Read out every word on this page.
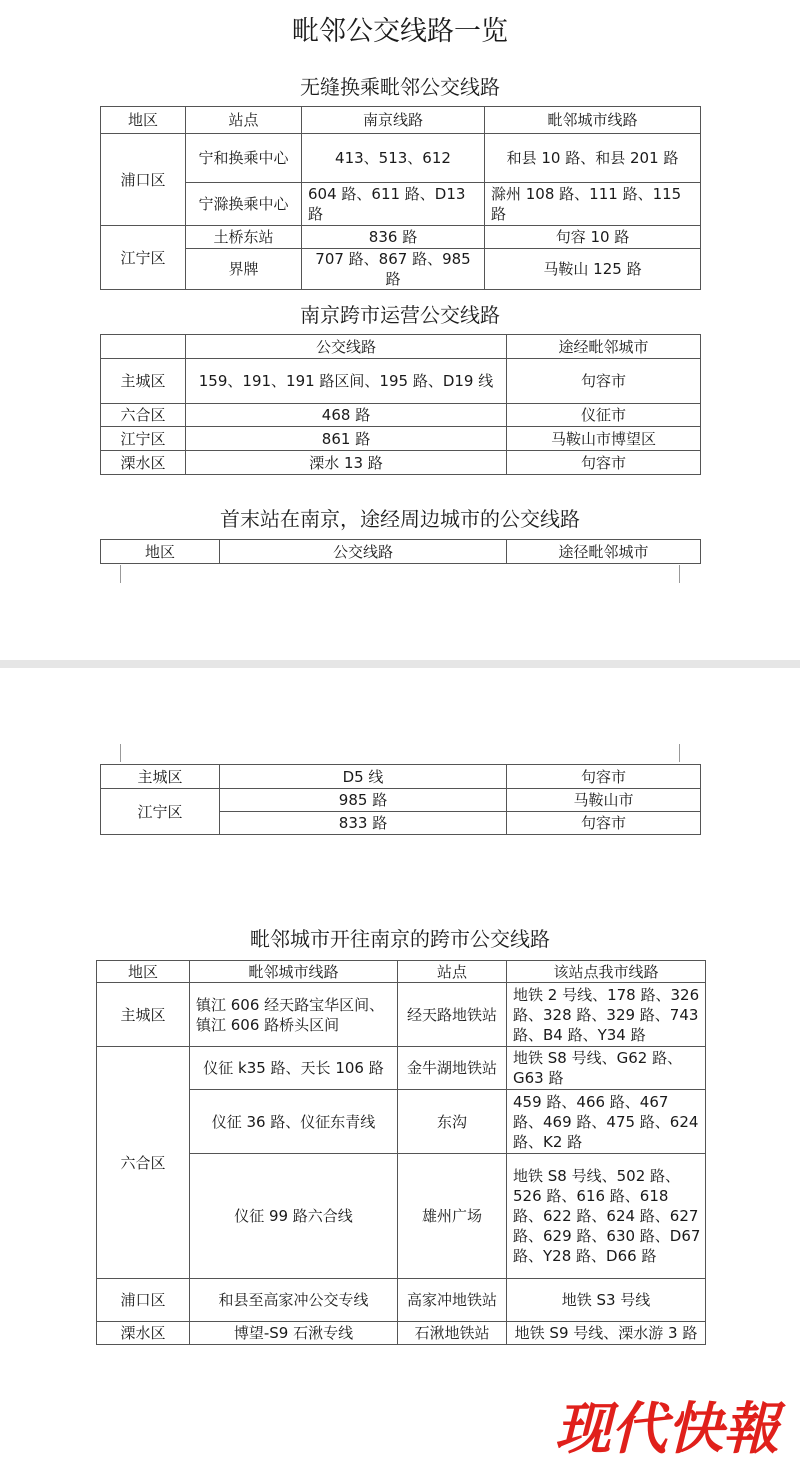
毗邻公交线路一览
无缝换乘毗邻公交线路
地区	站点	南京线路	毗邻城市线路
浦口区	宁和换乘中心	413、513、612	和县 10 路、和县 201 路
	宁滁换乘中心	604 路、611 路、D13 路	滁州 108 路、111 路、115 路
江宁区	土桥东站	836 路	句容 10 路
	界牌	707 路、867 路、985 路	马鞍山 125 路
南京跨市运营公交线路
	公交线路	途经毗邻城市
主城区	159、191、191 路区间、195 路、D19 线	句容市
六合区	468 路	仪征市
江宁区	861 路	马鞍山市博望区
溧水区	溧水 13 路	句容市
首末站在南京，途经周边城市的公交线路
地区	公交线路	途径毗邻城市
主城区	D5 线	句容市
江宁区	985 路	马鞍山市
	833 路	句容市
毗邻城市开往南京的跨市公交线路
地区	毗邻城市线路	站点	该站点我市线路
主城区	镇江 606 经天路宝华区间、镇江 606 路桥头区间	经天路地铁站	地铁 2 号线、178 路、326 路、328 路、329 路、743 路、B4 路、Y34 路
六合区	仪征 k35 路、天长 106 路	金牛湖地铁站	地铁 S8 号线、G62 路、G63 路
	仪征 36 路、仪征东青线	东沟	459 路、466 路、467 路、469 路、475 路、624 路、K2 路
	仪征 99 路六合线	雄州广场	地铁 S8 号线、502 路、526 路、616 路、618 路、622 路、624 路、627 路、629 路、630 路、D67 路、Y28 路、D66 路
浦口区	和县至高家冲公交专线	高家冲地铁站	地铁 S3 号线
溧水区	博望-S9 石湫专线	石湫地铁站	地铁 S9 号线、溧水游 3 路
现代快報
